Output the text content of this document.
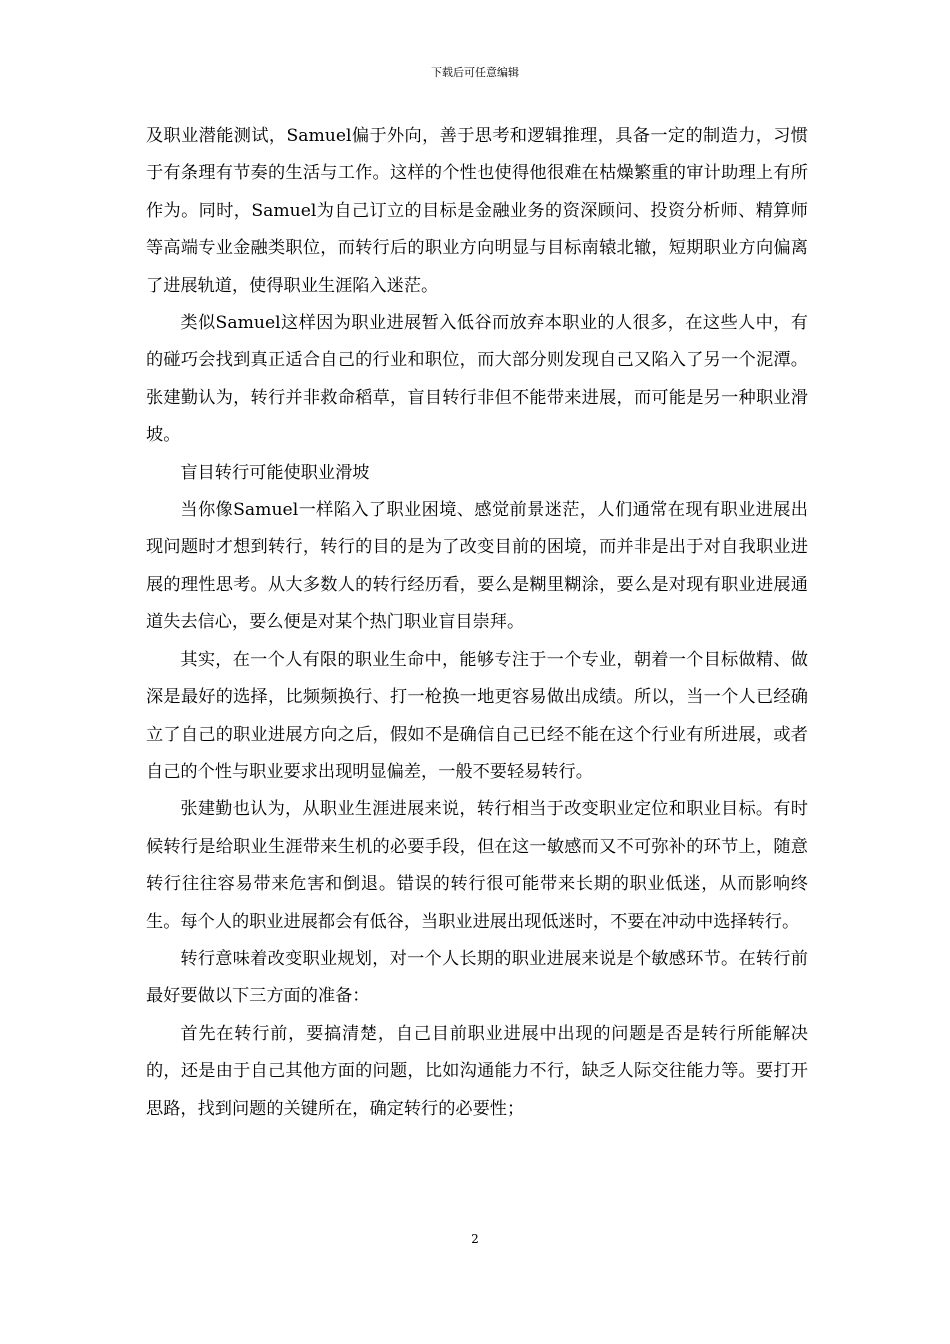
下载后可任意编辑

及职业潜能测试，Samuel偏于外向，善于思考和逻辑推理，具备一定的制造力，习惯于有条理有节奏的生活与工作。这样的个性也使得他很难在枯燥繁重的审计助理上有所作为。同时，Samuel为自己订立的目标是金融业务的资深顾问、投资分析师、精算师等高端专业金融类职位，而转行后的职业方向明显与目标南辕北辙，短期职业方向偏离了进展轨道，使得职业生涯陷入迷茫。

类似Samuel这样因为职业进展暂入低谷而放弃本职业的人很多，在这些人中，有的碰巧会找到真正适合自己的行业和职位，而大部分则发现自己又陷入了另一个泥潭。张建勤认为，转行并非救命稻草，盲目转行非但不能带来进展，而可能是另一种职业滑坡。

盲目转行可能使职业滑坡

当你像Samuel一样陷入了职业困境、感觉前景迷茫，人们通常在现有职业进展出现问题时才想到转行，转行的目的是为了改变目前的困境，而并非是出于对自我职业进展的理性思考。从大多数人的转行经历看，要么是糊里糊涂，要么是对现有职业进展通道失去信心，要么便是对某个热门职业盲目崇拜。

其实，在一个人有限的职业生命中，能够专注于一个专业，朝着一个目标做精、做深是最好的选择，比频频换行、打一枪换一地更容易做出成绩。所以，当一个人已经确立了自己的职业进展方向之后，假如不是确信自己已经不能在这个行业有所进展，或者自己的个性与职业要求出现明显偏差，一般不要轻易转行。

张建勤也认为，从职业生涯进展来说，转行相当于改变职业定位和职业目标。有时候转行是给职业生涯带来生机的必要手段，但在这一敏感而又不可弥补的环节上，随意转行往往容易带来危害和倒退。错误的转行很可能带来长期的职业低迷，从而影响终生。每个人的职业进展都会有低谷，当职业进展出现低迷时，不要在冲动中选择转行。

转行意味着改变职业规划，对一个人长期的职业进展来说是个敏感环节。在转行前最好要做以下三方面的准备：

首先在转行前，要搞清楚，自己目前职业进展中出现的问题是否是转行所能解决的，还是由于自己其他方面的问题，比如沟通能力不行，缺乏人际交往能力等。要打开思路，找到问题的关键所在，确定转行的必要性；

2
